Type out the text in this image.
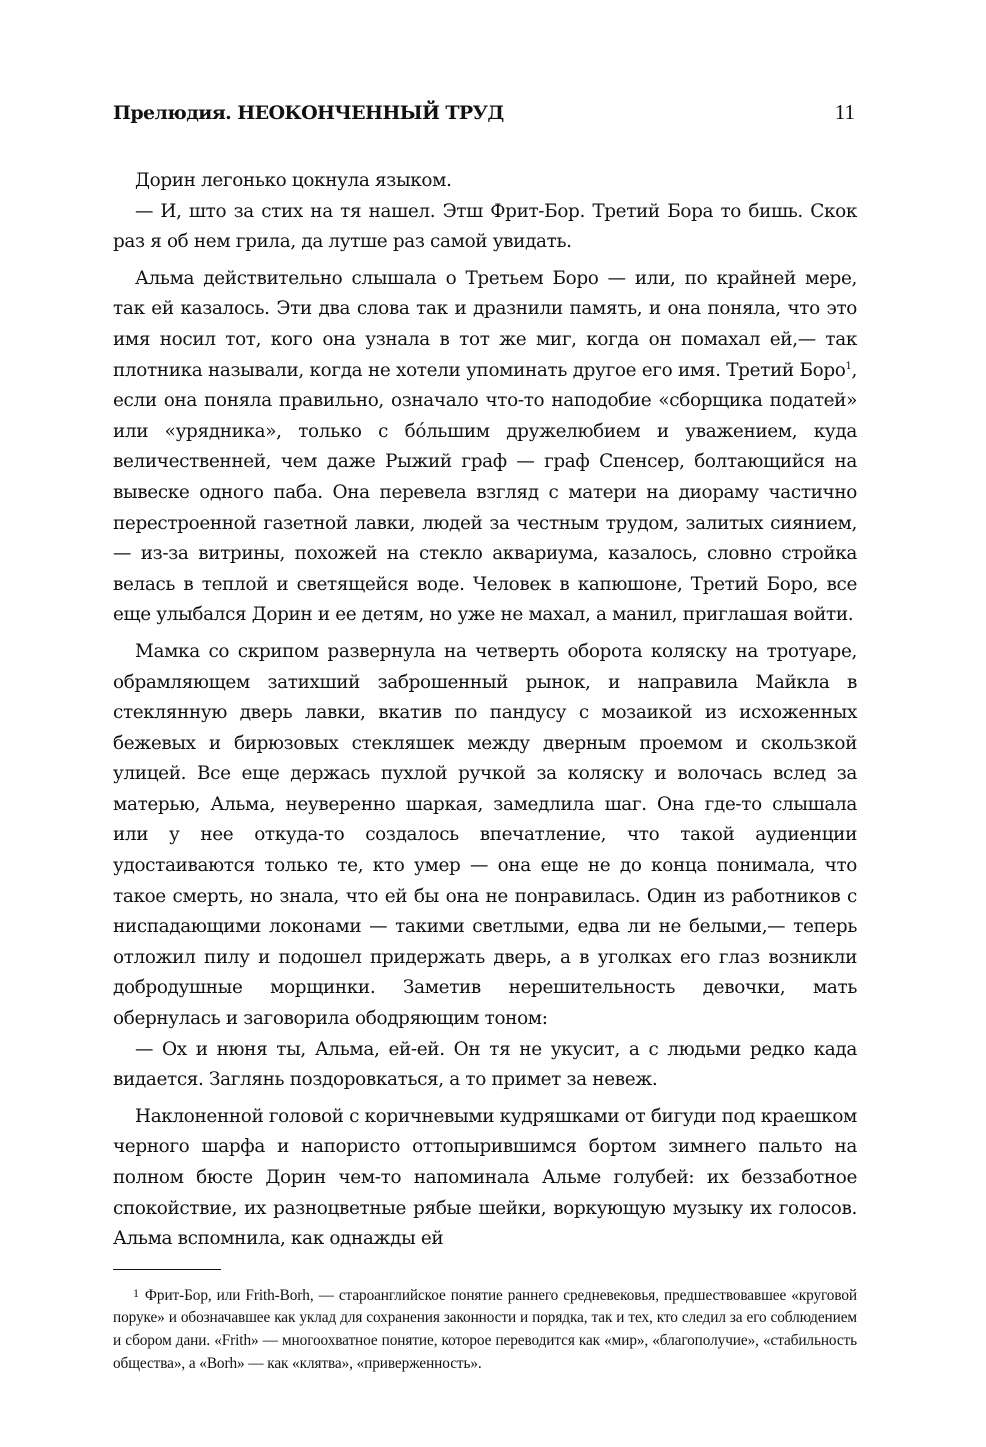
Прелюдия. НЕОКОНЧЕННЫЙ ТРУД	11

Дорин легонько цокнула языком.

— И, што за стих на тя нашел. Этш Фрит-Бор. Третий Бора то бишь. Скок раз я об нем грила, да лутше раз самой увидать.

Альма действительно слышала о Третьем Боро — или, по крайней мере, так ей казалось. Эти два слова так и дразнили память, и она поняла, что это имя носил тот, кого она узнала в тот же миг, когда он помахал ей,— так плотника называли, когда не хотели упоминать другое его имя. Третий Боро$^1$, если она поняла правильно, означало что-то наподобие «сборщика податей» или «урядника», только с бо́льшим дружелюбием и уважением, куда величественней, чем даже Рыжий граф — граф Спенсер, болтающийся на вывеске одного паба. Она перевела взгляд с матери на диораму частично перестроенной газетной лавки, людей за честным трудом, залитых сиянием,— из-за витрины, похожей на стекло аквариума, казалось, словно стройка велась в теплой и светящейся воде. Человек в капюшоне, Третий Боро, все еще улыбался Дорин и ее детям, но уже не махал, а манил, приглашая войти.

Мамка со скрипом развернула на четверть оборота коляску на тротуаре, обрамляющем затихший заброшенный рынок, и направила Майкла в стеклянную дверь лавки, вкатив по пандусу с мозаикой из исхоженных бежевых и бирюзовых стекляшек между дверным проемом и скользкой улицей. Все еще держась пухлой ручкой за коляску и волочась вслед за матерью, Альма, неуверенно шаркая, замедлила шаг. Она где-то слышала или у нее откуда-то создалось впечатление, что такой аудиенции удостаиваются только те, кто умер — она еще не до конца понимала, что такое смерть, но знала, что ей бы она не понравилась. Один из работников с ниспадающими локонами — такими светлыми, едва ли не белыми,— теперь отложил пилу и подошел придержать дверь, а в уголках его глаз возникли добродушные морщинки. Заметив нерешительность девочки, мать обернулась и заговорила ободряющим тоном:

— Ох и нюня ты, Альма, ей-ей. Он тя не укусит, а с людьми редко када видается. Заглянь поздоровкаться, а то примет за невеж.

Наклоненной головой с коричневыми кудряшками от бигуди под краешком черного шарфа и напористо оттопырившимся бортом зимнего пальто на полном бюсте Дорин чем-то напоминала Альме голубей: их беззаботное спокойствие, их разноцветные рябые шейки, воркующую музыку их голосов. Альма вспомнила, как однажды ей

1 Фрит-Бор, или Frith-Borh, — староанглийское понятие раннего средневековья, предшествовавшее «круговой поруке» и обозначавшее как уклад для сохранения законности и порядка, так и тех, кто следил за его соблюдением и сбором дани. «Frith» — многоохватное понятие, которое переводится как «мир», «благополучие», «стабильность общества», а «Borh» — как «клятва», «приверженность».
